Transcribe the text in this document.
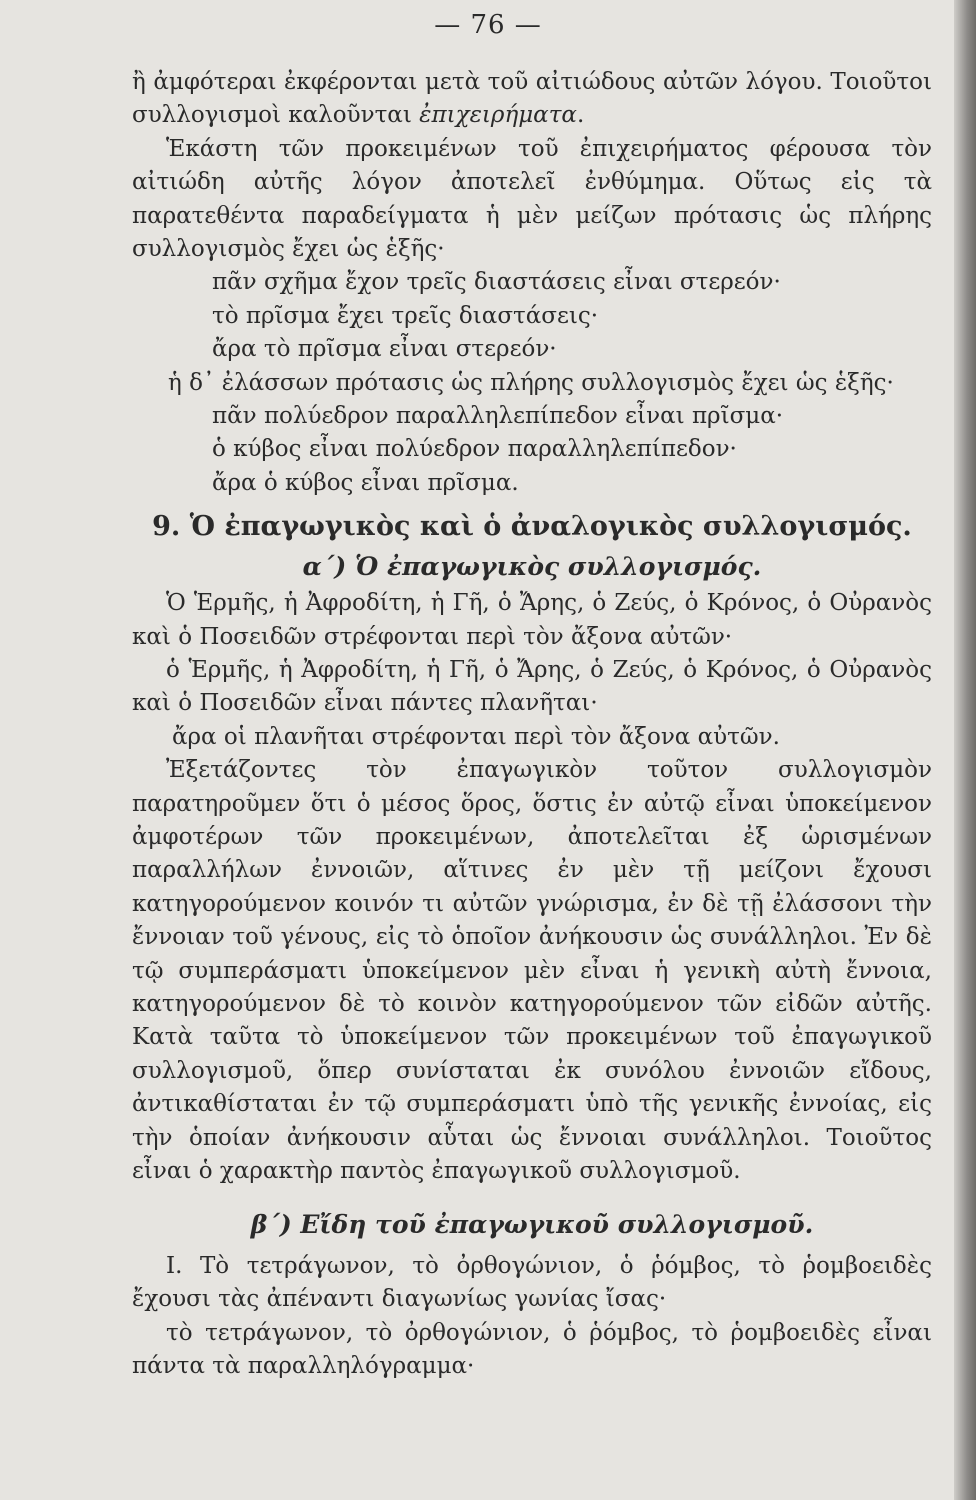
— 76 —

ἢ ἀμφότεραι ἐκφέρονται μετὰ τοῦ αἰτιώδους αὐτῶν λόγου. Τοιοῦτοι συλλογισμοὶ καλοῦνται ἐπιχειρήματα.

Ἑκάστη τῶν προκειμένων τοῦ ἐπιχειρήματος φέρουσα τὸν αἰτιώδη αὐτῆς λόγον ἀποτελεῖ ἐνθύμημα. Οὕτως εἰς τὰ παρατεθέντα παραδείγματα ἡ μὲν μείζων πρότασις ὡς πλήρης συλλογισμὸς ἔχει ὡς ἑξῆς·

πᾶν σχῆμα ἔχον τρεῖς διαστάσεις εἶναι στερεόν·

τὸ πρῖσμα ἔχει τρεῖς διαστάσεις·

ἄρα τὸ πρῖσμα εἶναι στερεόν·

ἡ δ᾽ ἐλάσσων πρότασις ὡς πλήρης συλλογισμὸς ἔχει ὡς ἑξῆς·

πᾶν πολύεδρον παραλληλεπίπεδον εἶναι πρῖσμα·

ὁ κύβος εἶναι πολύεδρον παραλληλεπίπεδον·

ἄρα ὁ κύβος εἶναι πρῖσμα.

9. Ὁ ἐπαγωγικὸς καὶ ὁ ἀναλογικὸς συλλογισμός.
α΄) Ὁ ἐπαγωγικὸς συλλογισμός.

Ὁ Ἑρμῆς, ἡ Ἀφροδίτη, ἡ Γῆ, ὁ Ἄρης, ὁ Ζεύς, ὁ Κρόνος, ὁ Οὐρανὸς καὶ ὁ Ποσειδῶν στρέφονται περὶ τὸν ἄξονα αὐτῶν·

ὁ Ἑρμῆς, ἡ Ἀφροδίτη, ἡ Γῆ, ὁ Ἄρης, ὁ Ζεύς, ὁ Κρόνος, ὁ Οὐρανὸς καὶ ὁ Ποσειδῶν εἶναι πάντες πλανῆται·

ἄρα οἱ πλανῆται στρέφονται περὶ τὸν ἄξονα αὐτῶν.

Ἐξετάζοντες τὸν ἐπαγωγικὸν τοῦτον συλλογισμὸν παρατηροῦμεν ὅτι ὁ μέσος ὅρος, ὅστις ἐν αὐτῷ εἶναι ὑποκείμενον ἀμφοτέρων τῶν προκειμένων, ἀποτελεῖται ἐξ ὡρισμένων παραλλήλων ἐννοιῶν, αἵτινες ἐν μὲν τῇ μείζονι ἔχουσι κατηγορούμενον κοινόν τι αὐτῶν γνώρισμα, ἐν δὲ τῇ ἐλάσσονι τὴν ἔννοιαν τοῦ γένους, εἰς τὸ ὁποῖον ἀνήκουσιν ὡς συνάλληλοι. Ἐν δὲ τῷ συμπεράσματι ὑποκείμενον μὲν εἶναι ἡ γενικὴ αὐτὴ ἔννοια, κατηγορούμενον δὲ τὸ κοινὸν κατηγορούμενον τῶν εἰδῶν αὐτῆς. Κατὰ ταῦτα τὸ ὑποκείμενον τῶν προκειμένων τοῦ ἐπαγωγικοῦ συλλογισμοῦ, ὅπερ συνίσταται ἐκ συνόλου ἐννοιῶν εἴδους, ἀντικαθίσταται ἐν τῷ συμπεράσματι ὑπὸ τῆς γενικῆς ἐννοίας, εἰς τὴν ὁποίαν ἀνήκουσιν αὗται ὡς ἔννοιαι συνάλληλοι. Τοιοῦτος εἶναι ὁ χαρακτὴρ παντὸς ἐπαγωγικοῦ συλλογισμοῦ.

β΄) Εἴδη τοῦ ἐπαγωγικοῦ συλλογισμοῦ.

Ι. Τὸ τετράγωνον, τὸ ὀρθογώνιον, ὁ ῥόμβος, τὸ ῥομβοειδὲς ἔχουσι τὰς ἀπέναντι διαγωνίως γωνίας ἴσας·

τὸ τετράγωνον, τὸ ὀρθογώνιον, ὁ ῥόμβος, τὸ ῥομβοειδὲς εἶναι πάντα τὰ παραλληλόγραμμα·
